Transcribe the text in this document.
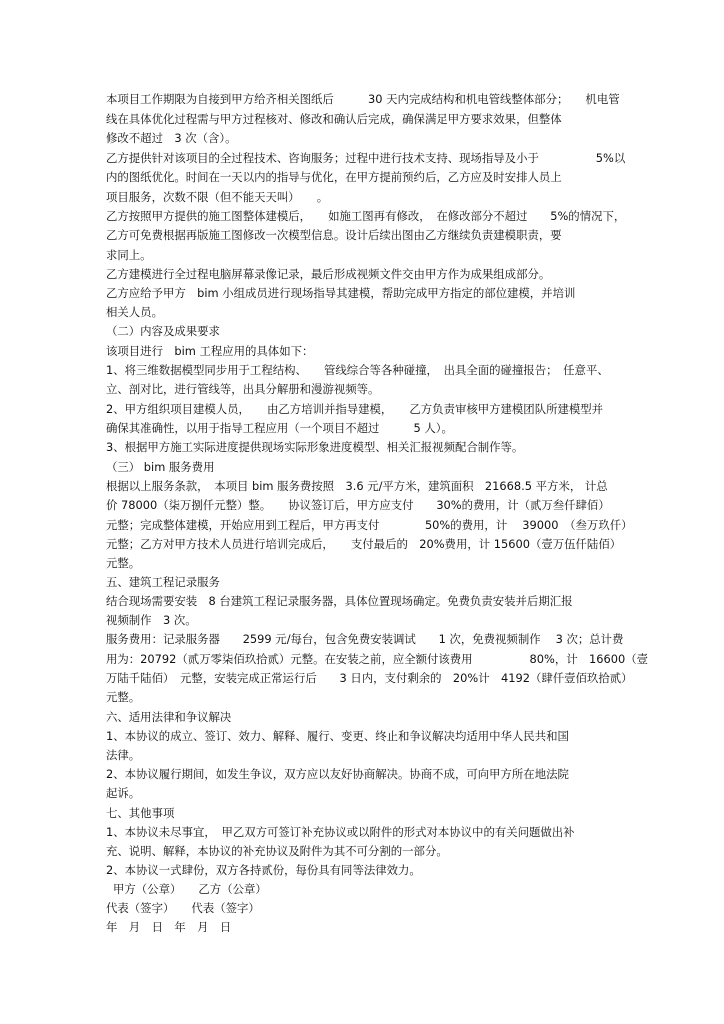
本项目工作期限为自接到甲方给齐相关图纸后　　　30 天内完成结构和机电管线整体部分；　　机电管
线在具体优化过程需与甲方过程核对、修改和确认后完成，确保满足甲方要求效果，但整体
修改不超过　3 次（含）。
乙方提供针对该项目的全过程技术、咨询服务；过程中进行技术支持、现场指导及小于　　　　　5%以
内的图纸优化。时间在一天以内的指导与优化，在甲方提前预约后，乙方应及时安排人员上
项目服务，次数不限（但不能天天叫）　　。
乙方按照甲方提供的施工图整体建模后，　　如施工图再有修改，　在修改部分不超过　　5%的情况下，
乙方可免费根据再版施工图修改一次模型信息。设计后续出图由乙方继续负责建模职责，要
求同上。
乙方建模进行全过程电脑屏幕录像记录，最后形成视频文件交由甲方作为成果组成部分。
乙方应给予甲方　bim 小组成员进行现场指导其建模，帮助完成甲方指定的部位建模，并培训
相关人员。
（二）内容及成果要求
该项目进行　bim 工程应用的具体如下：
1、将三维数据模型同步用于工程结构、　　管线综合等各种碰撞，　出具全面的碰撞报告；　任意平、
立、剖对比，进行管线等，出具分解册和漫游视频等。
2、甲方组织项目建模人员，　　由乙方培训并指导建模，　　乙方负责审核甲方建模团队所建模型并
确保其准确性，以用于指导工程应用（一个项目不超过　　　5 人）。
3、根据甲方施工实际进度提供现场实际形象进度模型、相关汇报视频配合制作等。
（三） bim 服务费用
根据以上服务条款，　本项目 bim 服务费按照　3.6 元/平方米，建筑面积　21668.5 平方米， 计总
价 78000（柒万捌仟元整）整。　　协议签订后，甲方应支付　　30%的费用，计（贰万叁仟肆佰）
元整；完成整体建模，开始应用到工程后，甲方再支付　　　　50%的费用，计　 39000　（叁万玖仟）
元整；乙方对甲方技术人员进行培训完成后，　　支付最后的　20%费用，计 15600（壹万伍仟陆佰）
元整。
五、建筑工程记录服务
结合现场需要安装　8 台建筑工程记录服务器，具体位置现场确定。免费负责安装并后期汇报
视频制作　3 次。
服务费用：记录服务器　　2599 元/每台，包含免费安装调试　　1 次，免费视频制作　 3 次；总计费
用为：20792（贰万零柒佰玖拾贰）元整。在安装之前，应全额付该费用　　　　　80%，计　16600（壹
万陆千陆佰）　元整，安装完成正常运行后　　3 日内，支付剩余的　20%计　4192（肆仟壹佰玖拾贰）
元整。
六、适用法律和争议解决
1、本协议的成立、签订、效力、解释、履行、变更、终止和争议解决均适用中华人民共和国
法律。
2、本协议履行期间，如发生争议，双方应以友好协商解决。协商不成，可向甲方所在地法院
起诉。
七、其他事项
1、本协议未尽事宜，　甲乙双方可签订补充协议或以附件的形式对本协议中的有关问题做出补
充、说明、解释，本协议的补充协议及附件为其不可分割的一部分。
2、本协议一式肆份，双方各持贰份，每份具有同等法律效力。
甲方（公章）　　乙方（公章）
代表（签字）　　代表（签字）
年　月　日　年　月　日
